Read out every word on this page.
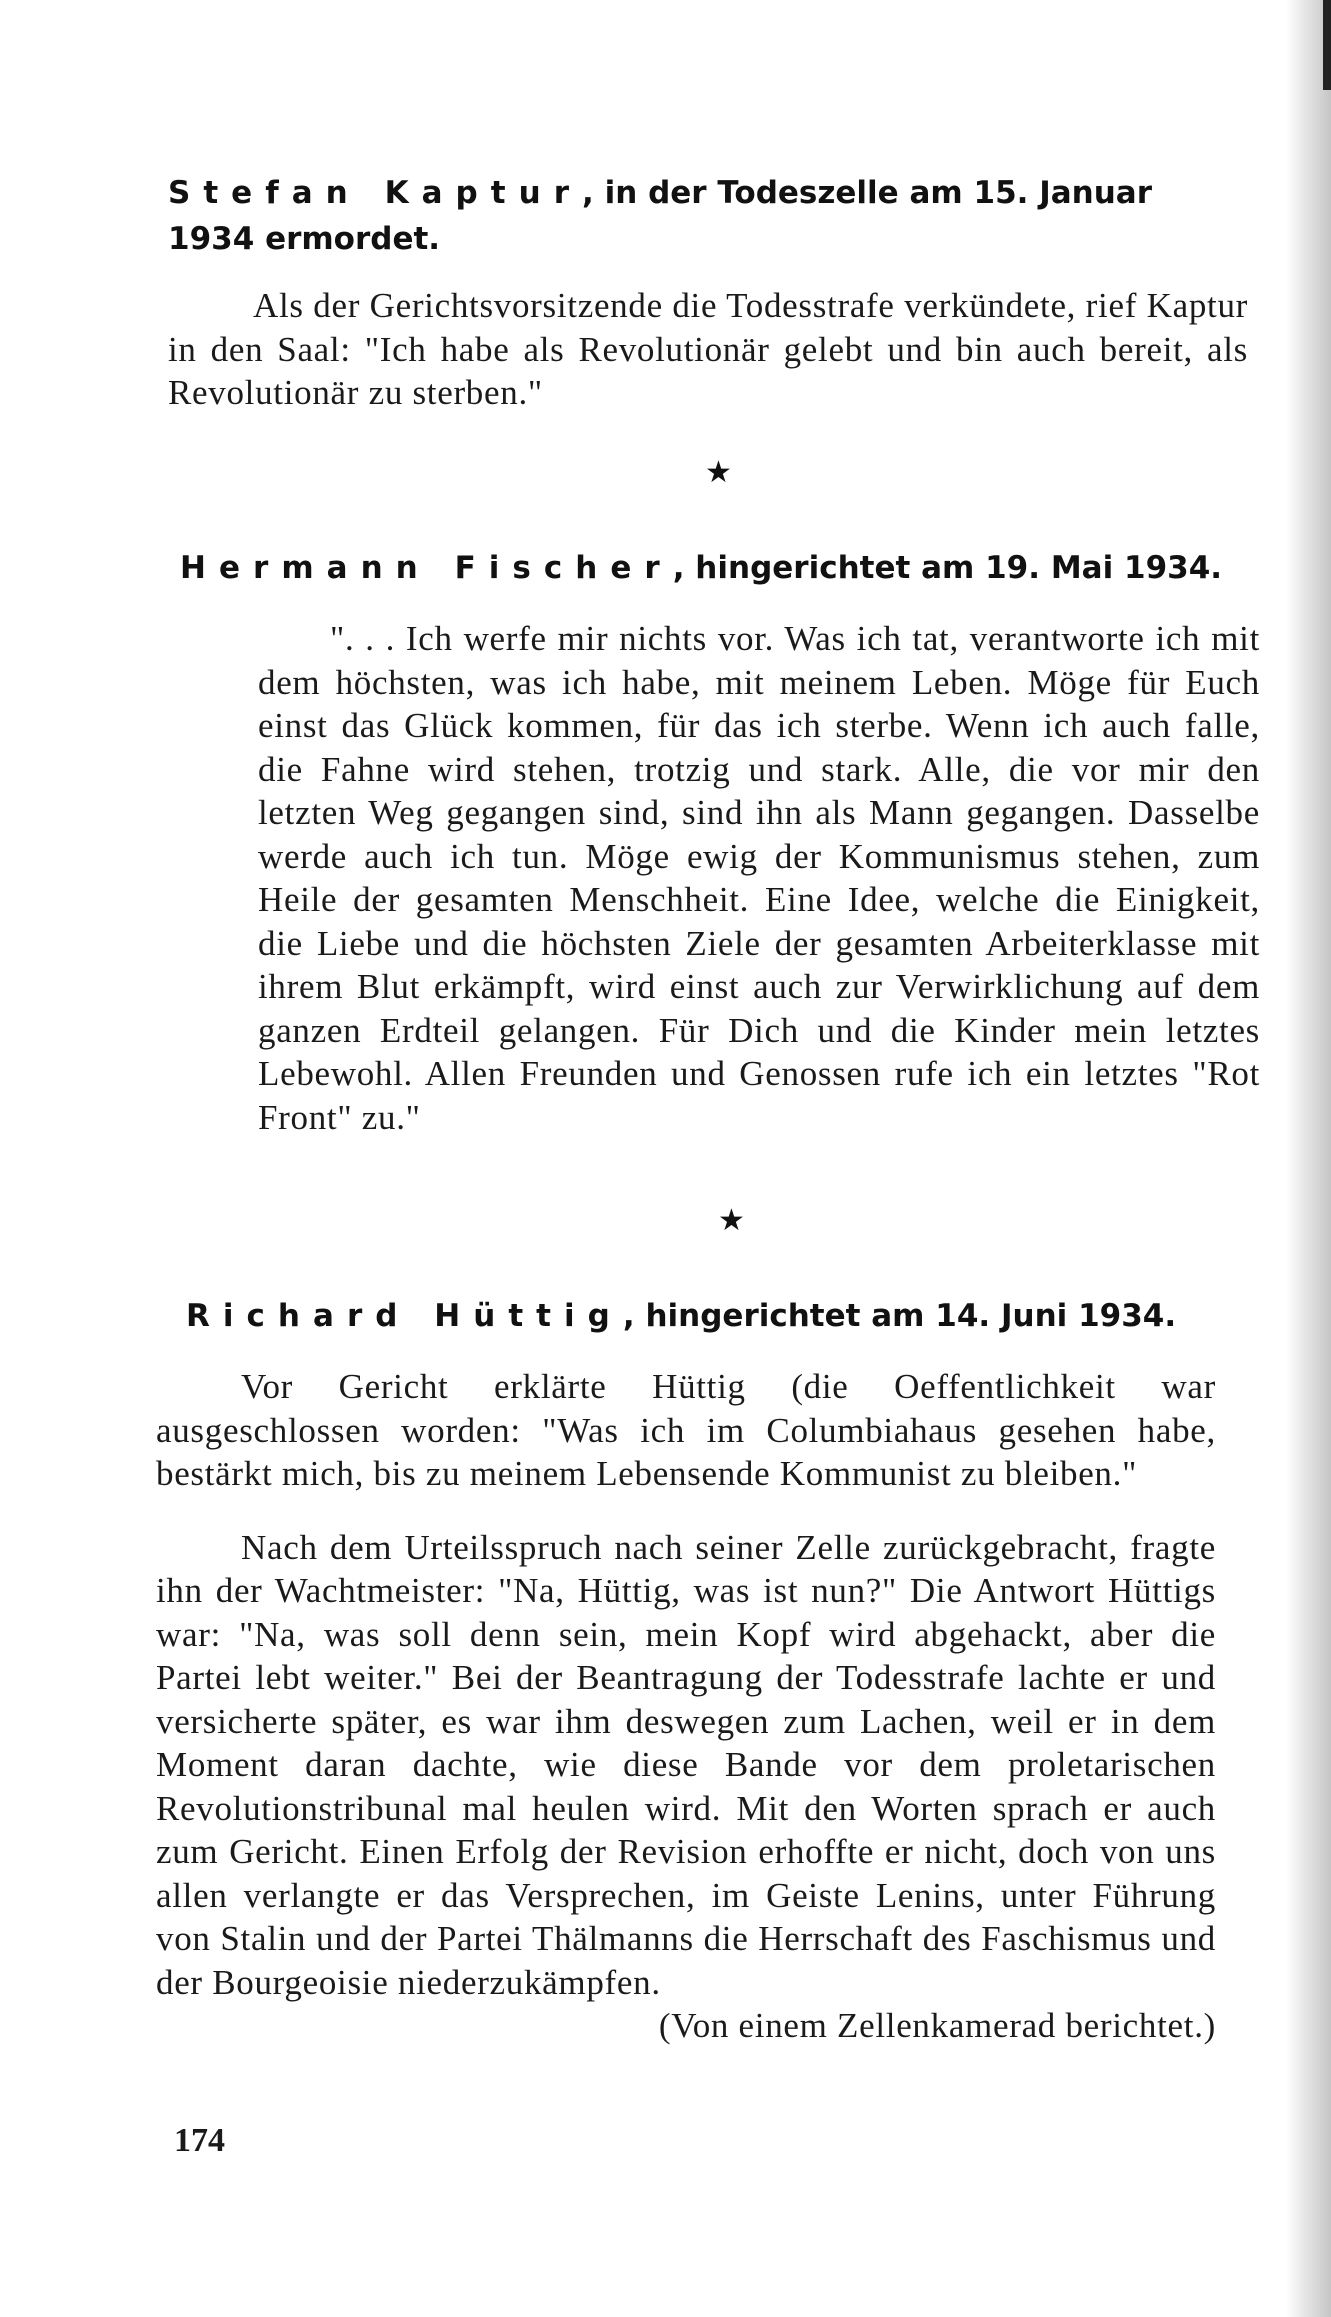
Stefan Kaptur, in der Todeszelle am 15. Januar 1934 ermordet.

Als der Gerichtsvorsitzende die Todesstrafe verkündete, rief Kaptur in den Saal: "Ich habe als Revolutionär gelebt und bin auch bereit, als Revolutionär zu sterben."

★

Hermann Fischer, hingerichtet am 19. Mai 1934.

". . . Ich werfe mir nichts vor. Was ich tat, verantworte ich mit dem höchsten, was ich habe, mit meinem Leben. Möge für Euch einst das Glück kommen, für das ich sterbe. Wenn ich auch falle, die Fahne wird stehen, trotzig und stark. Alle, die vor mir den letzten Weg gegangen sind, sind ihn als Mann gegangen. Dasselbe werde auch ich tun. Möge ewig der Kommunismus stehen, zum Heile der gesamten Menschheit. Eine Idee, welche die Einigkeit, die Liebe und die höchsten Ziele der gesamten Arbeiterklasse mit ihrem Blut erkämpft, wird einst auch zur Verwirklichung auf dem ganzen Erdteil gelangen. Für Dich und die Kinder mein letztes Lebewohl. Allen Freunden und Genossen rufe ich ein letztes "Rot Front" zu."

★

Richard Hüttig, hingerichtet am 14. Juni 1934.

Vor Gericht erklärte Hüttig (die Oeffentlichkeit war ausgeschlossen worden: "Was ich im Columbiahaus gesehen habe, bestärkt mich, bis zu meinem Lebensende Kommunist zu bleiben."

Nach dem Urteilsspruch nach seiner Zelle zurückgebracht, fragte ihn der Wachtmeister: "Na, Hüttig, was ist nun?" Die Antwort Hüttigs war: "Na, was soll denn sein, mein Kopf wird abgehackt, aber die Partei lebt weiter." Bei der Beantragung der Todesstrafe lachte er und versicherte später, es war ihm deswegen zum Lachen, weil er in dem Moment daran dachte, wie diese Bande vor dem proletarischen Revolutionstribunal mal heulen wird. Mit den Worten sprach er auch zum Gericht. Einen Erfolg der Revision erhoffte er nicht, doch von uns allen verlangte er das Versprechen, im Geiste Lenins, unter Führung von Stalin und der Partei Thälmanns die Herrschaft des Faschismus und der Bourgeoisie niederzukämpfen.
(Von einem Zellenkamerad berichtet.)

174
